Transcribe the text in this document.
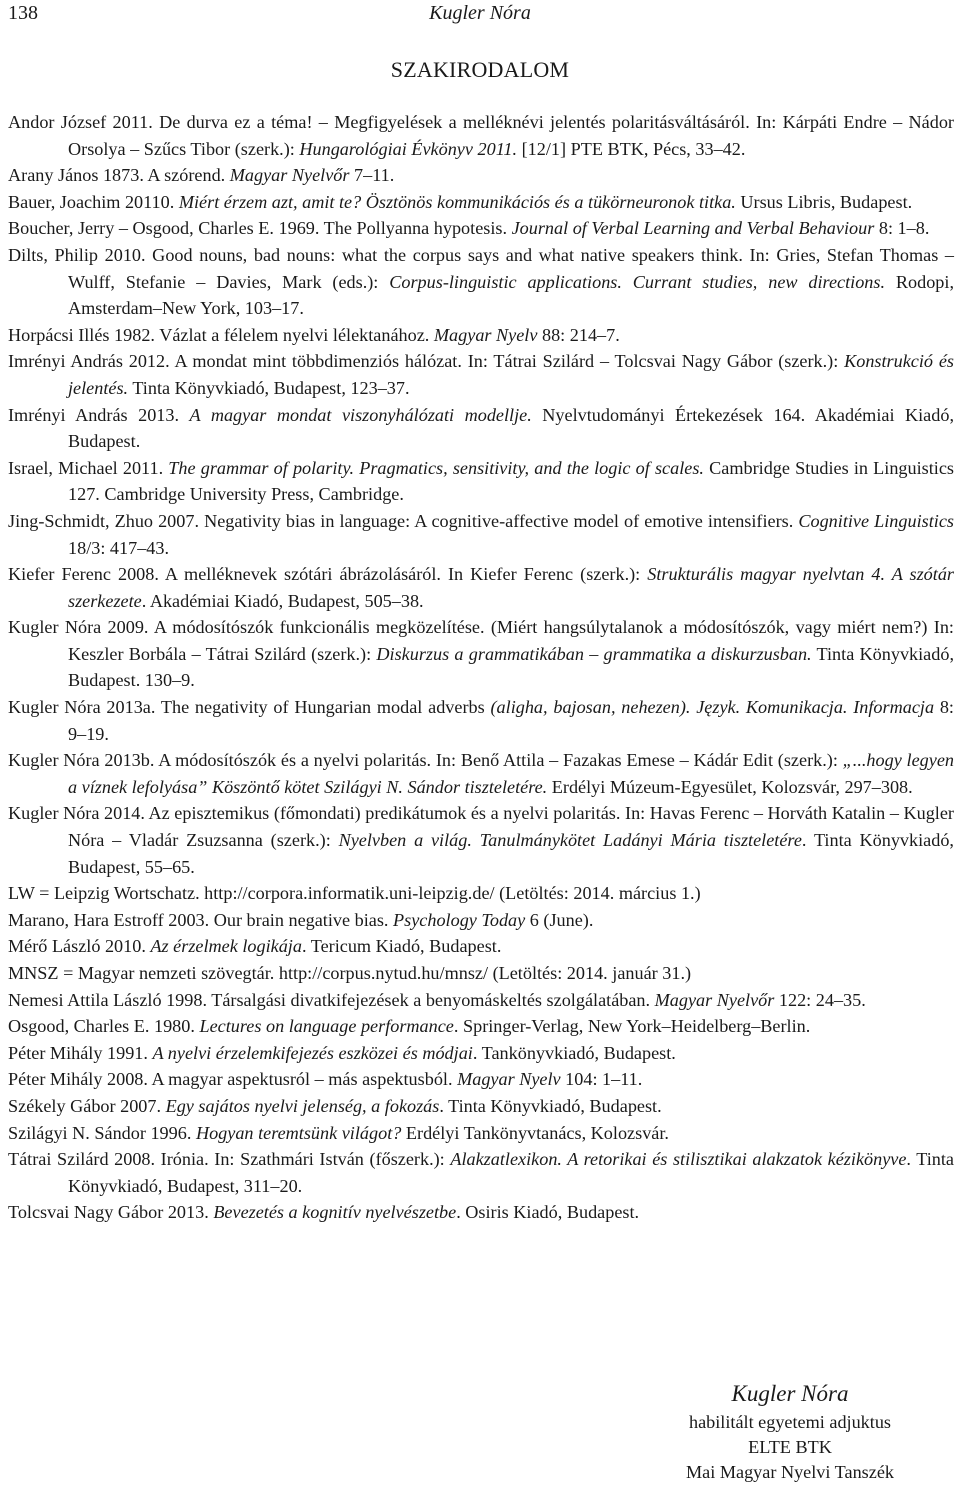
138	Kugler Nóra
SZAKIRODALOM
Andor József 2011. De durva ez a téma! – Megfigyelések a melléknévi jelentés polaritásváltásáról. In: Kárpáti Endre – Nádor Orsolya – Szűcs Tibor (szerk.): Hungarológiai Évkönyv 2011. [12/1] PTE BTK, Pécs, 33–42.
Arany János 1873. A szórend. Magyar Nyelvőr 7–11.
Bauer, Joachim 20110. Miért érzem azt, amit te? Ösztönös kommunikációs és a tükörneuronok titka. Ursus Libris, Budapest.
Boucher, Jerry – Osgood, Charles E. 1969. The Pollyanna hypotesis. Journal of Verbal Learning and Verbal Behaviour 8: 1–8.
Dilts, Philip 2010. Good nouns, bad nouns: what the corpus says and what native speakers think. In: Gries, Stefan Thomas – Wulff, Stefanie – Davies, Mark (eds.): Corpus-linguistic applications. Currant studies, new directions. Rodopi, Amsterdam–New York, 103–17.
Horpácsi Illés 1982. Vázlat a félelem nyelvi lélektanához. Magyar Nyelv 88: 214–7.
Imrényi András 2012. A mondat mint többdimenziós hálózat. In: Tátrai Szilárd – Tolcsvai Nagy Gábor (szerk.): Konstrukció és jelentés. Tinta Könyvkiadó, Budapest, 123–37.
Imrényi András 2013. A magyar mondat viszonyhálózati modellje. Nyelvtudományi Értekezések 164. Akadémiai Kiadó, Budapest.
Israel, Michael 2011. The grammar of polarity. Pragmatics, sensitivity, and the logic of scales. Cambridge Studies in Linguistics 127. Cambridge University Press, Cambridge.
Jing-Schmidt, Zhuo 2007. Negativity bias in language: A cognitive-affective model of emotive intensifiers. Cognitive Linguistics 18/3: 417–43.
Kiefer Ferenc 2008. A melléknevek szótári ábrázolásáról. In Kiefer Ferenc (szerk.): Strukturális magyar nyelvtan 4. A szótár szerkezete. Akadémiai Kiadó, Budapest, 505–38.
Kugler Nóra 2009. A módosítószók funkcionális megközelítése. (Miért hangsúlytalanok a módosítószók, vagy miért nem?) In: Keszler Borbála – Tátrai Szilárd (szerk.): Diskurzus a grammatikában – grammatika a diskurzusban. Tinta Könyvkiadó, Budapest. 130–9.
Kugler Nóra 2013a. The negativity of Hungarian modal adverbs (aligha, bajosan, nehezen). Język. Komunikacja. Informacja 8: 9–19.
Kugler Nóra 2013b. A módosítószók és a nyelvi polaritás. In: Benő Attila – Fazakas Emese – Kádár Edit (szerk.): „...hogy legyen a víznek lefolyása” Köszöntő kötet Szilágyi N. Sándor tiszteletére. Erdélyi Múzeum-Egyesület, Kolozsvár, 297–308.
Kugler Nóra 2014. Az episztemikus (főmondati) predikátumok és a nyelvi polaritás. In: Havas Ferenc – Horváth Katalin – Kugler Nóra – Vladár Zsuzsanna (szerk.): Nyelvben a világ. Tanulmánykötet Ladányi Mária tiszteletére. Tinta Könyvkiadó, Budapest, 55–65.
LW = Leipzig Wortschatz. http://corpora.informatik.uni-leipzig.de/ (Letöltés: 2014. március 1.)
Marano, Hara Estroff 2003. Our brain negative bias. Psychology Today 6 (June).
Mérő László 2010. Az érzelmek logikája. Tericum Kiadó, Budapest.
MNSZ = Magyar nemzeti szövegtár. http://corpus.nytud.hu/mnsz/ (Letöltés: 2014. január 31.)
Nemesi Attila László 1998. Társalgási divatkifejezések a benyomáskeltés szolgálatában. Magyar Nyelvőr 122: 24–35.
Osgood, Charles E. 1980. Lectures on language performance. Springer-Verlag, New York–Heidelberg–Berlin.
Péter Mihály 1991. A nyelvi érzelemkifejezés eszközei és módjai. Tankönyvkiadó, Budapest.
Péter Mihály 2008. A magyar aspektusról – más aspektusból. Magyar Nyelv 104: 1–11.
Székely Gábor 2007. Egy sajátos nyelvi jelenség, a fokozás. Tinta Könyvkiadó, Budapest.
Szilágyi N. Sándor 1996. Hogyan teremtsünk világot? Erdélyi Tankönyvtanács, Kolozsvár.
Tátrai Szilárd 2008. Irónia. In: Szathmári István (főszerk.): Alakzatlexikon. A retorikai és stilisztikai alakzatok kézikönyve. Tinta Könyvkiadó, Budapest, 311–20.
Tolcsvai Nagy Gábor 2013. Bevezetés a kognitív nyelvészetbe. Osiris Kiadó, Budapest.
Kugler Nóra
habilitált egyetemi adjuktus
ELTE BTK
Mai Magyar Nyelvi Tanszék
